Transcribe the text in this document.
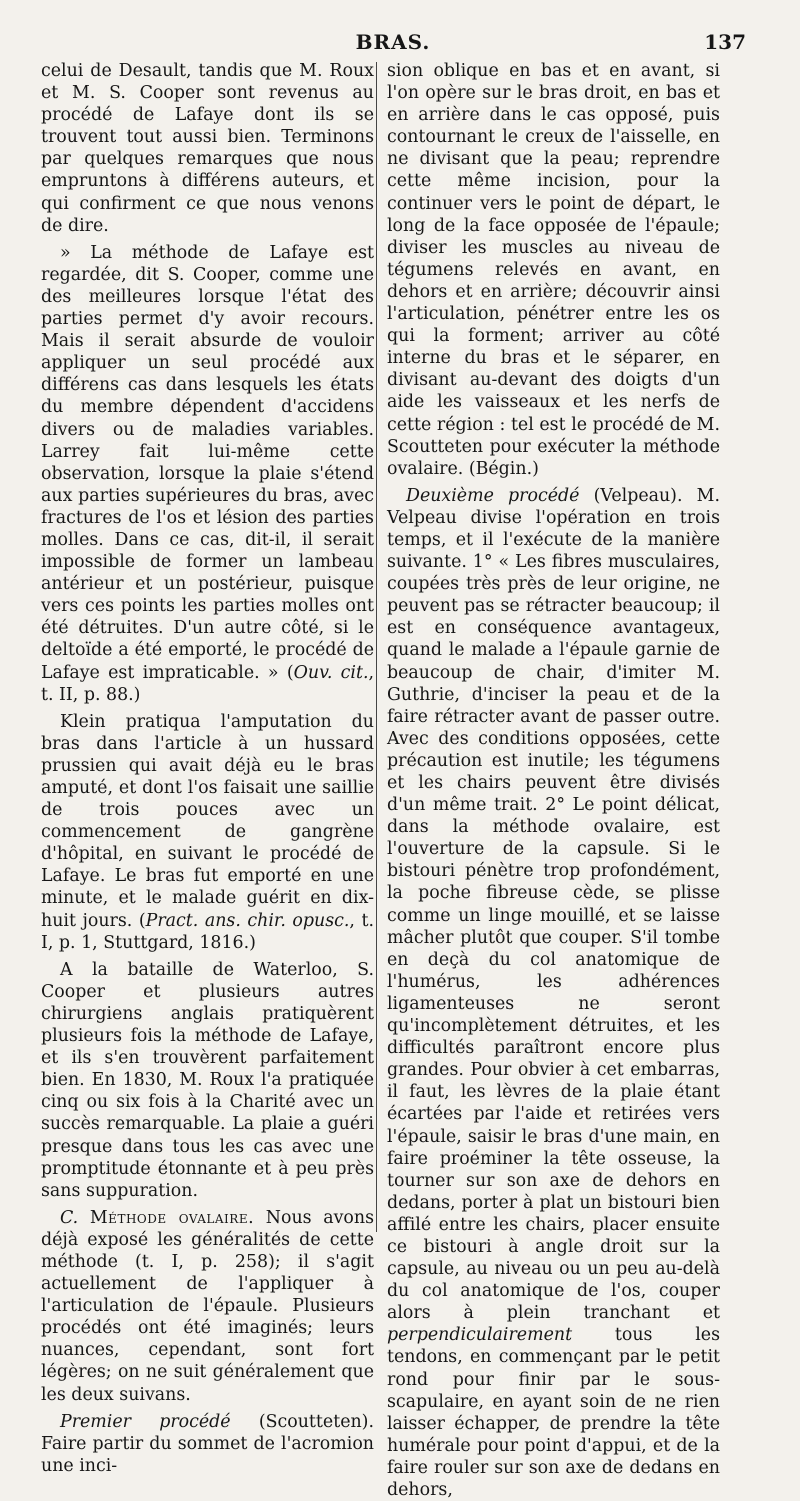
BRAS.	137

celui de Desault, tandis que M. Roux et M. S. Cooper sont revenus au procédé de Lafaye dont ils se trouvent tout aussi bien. Terminons par quelques remarques que nous empruntons à différens auteurs, et qui confirment ce que nous venons de dire.

» La méthode de Lafaye est regardée, dit S. Cooper, comme une des meilleures lorsque l'état des parties permet d'y avoir recours. Mais il serait absurde de vouloir appliquer un seul procédé aux différens cas dans lesquels les états du membre dépendent d'accidens divers ou de maladies variables. Larrey fait lui-même cette observation, lorsque la plaie s'étend aux parties supérieures du bras, avec fractures de l'os et lésion des parties molles. Dans ce cas, dit-il, il serait impossible de former un lambeau antérieur et un postérieur, puisque vers ces points les parties molles ont été détruites. D'un autre côté, si le deltoïde a été emporté, le procédé de Lafaye est impraticable. » (Ouv. cit., t. II, p. 88.)

Klein pratiqua l'amputation du bras dans l'article à un hussard prussien qui avait déjà eu le bras amputé, et dont l'os faisait une saillie de trois pouces avec un commencement de gangrène d'hôpital, en suivant le procédé de Lafaye. Le bras fut emporté en une minute, et le malade guérit en dix-huit jours. (Pract. ans. chir. opusc., t. I, p. 1, Stuttgard, 1816.)

A la bataille de Waterloo, S. Cooper et plusieurs autres chirurgiens anglais pratiquèrent plusieurs fois la méthode de Lafaye, et ils s'en trouvèrent parfaitement bien. En 1830, M. Roux l'a pratiquée cinq ou six fois à la Charité avec un succès remarquable. La plaie a guéri presque dans tous les cas avec une promptitude étonnante et à peu près sans suppuration.

C. Méthode ovalaire. Nous avons déjà exposé les généralités de cette méthode (t. I, p. 258); il s'agit actuellement de l'appliquer à l'articulation de l'épaule. Plusieurs procédés ont été imaginés; leurs nuances, cependant, sont fort légères; on ne suit généralement que les deux suivans.

Premier procédé (Scoutteten). Faire partir du sommet de l'acromion une inci-

sion oblique en bas et en avant, si l'on opère sur le bras droit, en bas et en arrière dans le cas opposé, puis contournant le creux de l'aisselle, en ne divisant que la peau; reprendre cette même incision, pour la continuer vers le point de départ, le long de la face opposée de l'épaule; diviser les muscles au niveau de tégumens relevés en avant, en dehors et en arrière; découvrir ainsi l'articulation, pénétrer entre les os qui la forment; arriver au côté interne du bras et le séparer, en divisant au-devant des doigts d'un aide les vaisseaux et les nerfs de cette région : tel est le procédé de M. Scoutteten pour exécuter la méthode ovalaire. (Bégin.)

Deuxième procédé (Velpeau). M. Velpeau divise l'opération en trois temps, et il l'exécute de la manière suivante. 1° « Les fibres musculaires, coupées très près de leur origine, ne peuvent pas se rétracter beaucoup; il est en conséquence avantageux, quand le malade a l'épaule garnie de beaucoup de chair, d'imiter M. Guthrie, d'inciser la peau et de la faire rétracter avant de passer outre. Avec des conditions opposées, cette précaution est inutile; les tégumens et les chairs peuvent être divisés d'un même trait. 2° Le point délicat, dans la méthode ovalaire, est l'ouverture de la capsule. Si le bistouri pénètre trop profondément, la poche fibreuse cède, se plisse comme un linge mouillé, et se laisse mâcher plutôt que couper. S'il tombe en deçà du col anatomique de l'humérus, les adhérences ligamenteuses ne seront qu'incomplètement détruites, et les difficultés paraîtront encore plus grandes. Pour obvier à cet embarras, il faut, les lèvres de la plaie étant écartées par l'aide et retirées vers l'épaule, saisir le bras d'une main, en faire proéminer la tête osseuse, la tourner sur son axe de dehors en dedans, porter à plat un bistouri bien affilé entre les chairs, placer ensuite ce bistouri à angle droit sur la capsule, au niveau ou un peu au-delà du col anatomique de l'os, couper alors à plein tranchant et perpendiculairement tous les tendons, en commençant par le petit rond pour finir par le sous-scapulaire, en ayant soin de ne rien laisser échapper, de prendre la tête humérale pour point d'appui, et de la faire rouler sur son axe de dedans en dehors,
